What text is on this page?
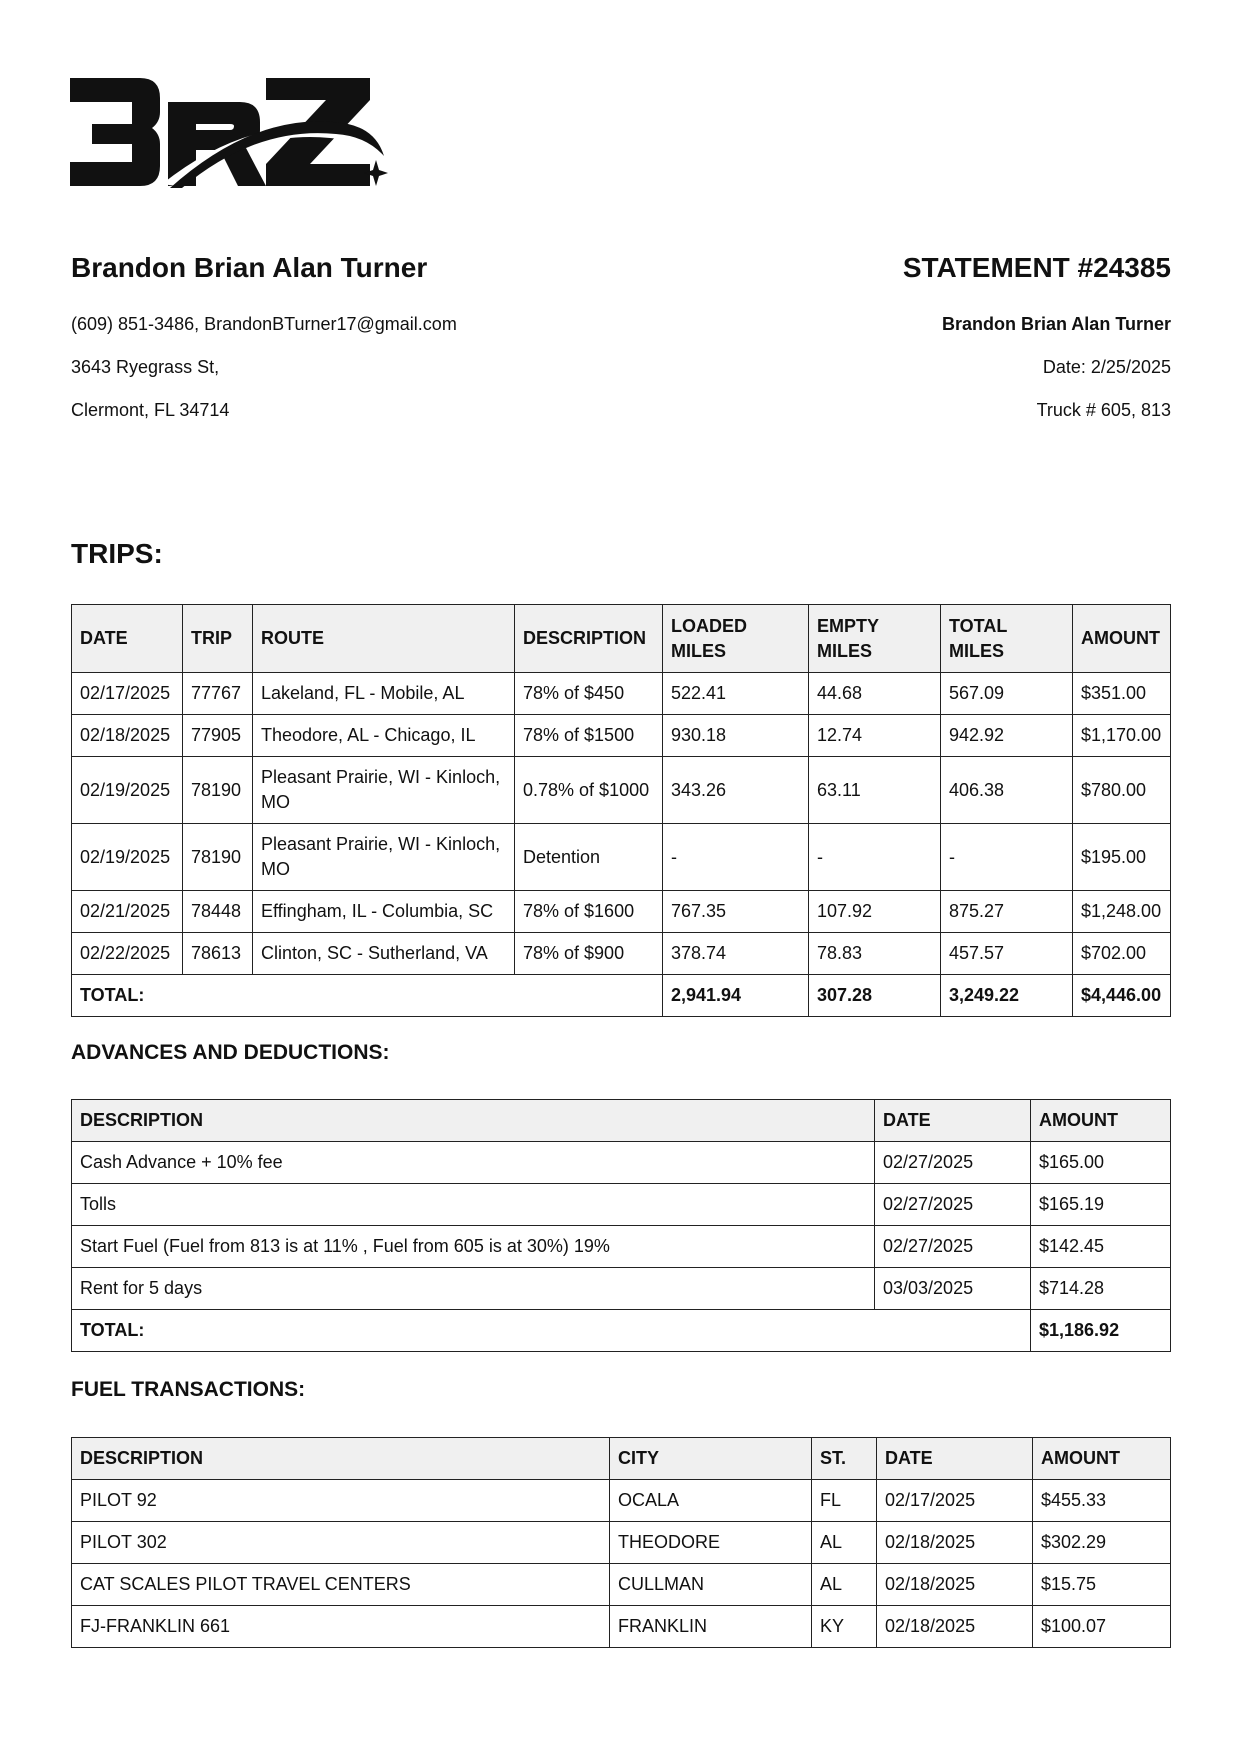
Brandon Brian Alan Turner	STATEMENT #24385

(609) 851-3486, BrandonBTurner17@gmail.com

3643 Ryegrass St,

Clermont, FL 34714

Brandon Brian Alan Turner

Date: 2/25/2025

Truck # 605, 813

TRIPS:
DATE	TRIP	ROUTE	DESCRIPTION	LOADED MILES	EMPTY MILES	TOTAL MILES	AMOUNT
02/17/2025	77767	Lakeland, FL - Mobile, AL	78% of $450	522.41	44.68	567.09	$351.00
02/18/2025	77905	Theodore, AL - Chicago, IL	78% of $1500	930.18	12.74	942.92	$1,170.00
02/19/2025	78190	Pleasant Prairie, WI - Kinloch, MO	0.78% of $1000	343.26	63.11	406.38	$780.00
02/19/2025	78190	Pleasant Prairie, WI - Kinloch, MO	Detention	-	-	-	$195.00
02/21/2025	78448	Effingham, IL - Columbia, SC	78% of $1600	767.35	107.92	875.27	$1,248.00
02/22/2025	78613	Clinton, SC - Sutherland, VA	78% of $900	378.74	78.83	457.57	$702.00
TOTAL:				2,941.94	307.28	3,249.22	$4,446.00
ADVANCES AND DEDUCTIONS:
DESCRIPTION	DATE	AMOUNT
Cash Advance + 10% fee	02/27/2025	$165.00
Tolls	02/27/2025	$165.19
Start Fuel (Fuel from 813 is at 11% , Fuel from 605 is at 30%) 19%	02/27/2025	$142.45
Rent for 5 days	03/03/2025	$714.28
TOTAL:		$1,186.92
FUEL TRANSACTIONS:
DESCRIPTION	CITY	ST.	DATE	AMOUNT
PILOT 92	OCALA	FL	02/17/2025	$455.33
PILOT 302	THEODORE	AL	02/18/2025	$302.29
CAT SCALES PILOT TRAVEL CENTERS	CULLMAN	AL	02/18/2025	$15.75
FJ-FRANKLIN 661	FRANKLIN	KY	02/18/2025	$100.07
